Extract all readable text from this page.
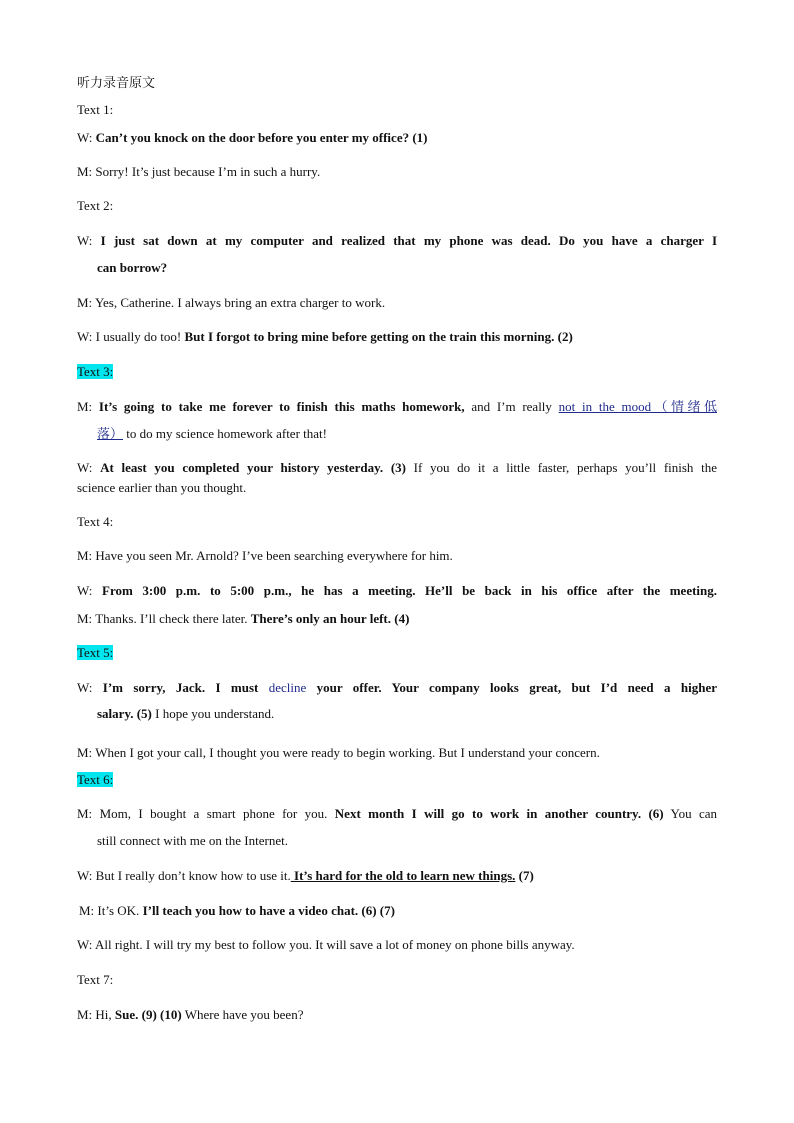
听力录音原文
Text 1:
W: Can’t you knock on the door before you enter my office? (1)
M: Sorry! It’s just because I’m in such a hurry.
Text 2:
W: I just sat down at my computer and realized that my phone was dead. Do you have a charger I
can borrow?
M: Yes, Catherine. I always bring an extra charger to work.
W: I usually do too! But I forgot to bring mine before getting on the train this morning. (2)
Text 3:
M: It’s going to take me forever to finish this maths homework, and I’m really not in the mood（情绪低
落） to do my science homework after that!
W: At least you completed your history yesterday. (3) If you do it a little faster, perhaps you’ll finish the
science earlier than you thought.
Text 4:
M: Have you seen Mr. Arnold? I’ve been searching everywhere for him.
W: From 3:00 p.m. to 5:00 p.m., he has a meeting. He’ll be back in his office after the meeting.
M: Thanks. I’ll check there later. There’s only an hour left. (4)
Text 5:
W: I’m sorry, Jack. I must decline your offer. Your company looks great, but I’d need a higher
salary. (5) I hope you understand.
M: When I got your call, I thought you were ready to begin working. But I understand your concern.
Text 6:
M: Mom, I bought a smart phone for you. Next month I will go to work in another country. (6) You can
still connect with me on the Internet.
W: But I really don’t know how to use it. It’s hard for the old to learn new things. (7)
M: It’s OK. I’ll teach you how to have a video chat. (6) (7)
W: All right. I will try my best to follow you. It will save a lot of money on phone bills anyway.
Text 7:
M: Hi, Sue. (9) (10) Where have you been?
